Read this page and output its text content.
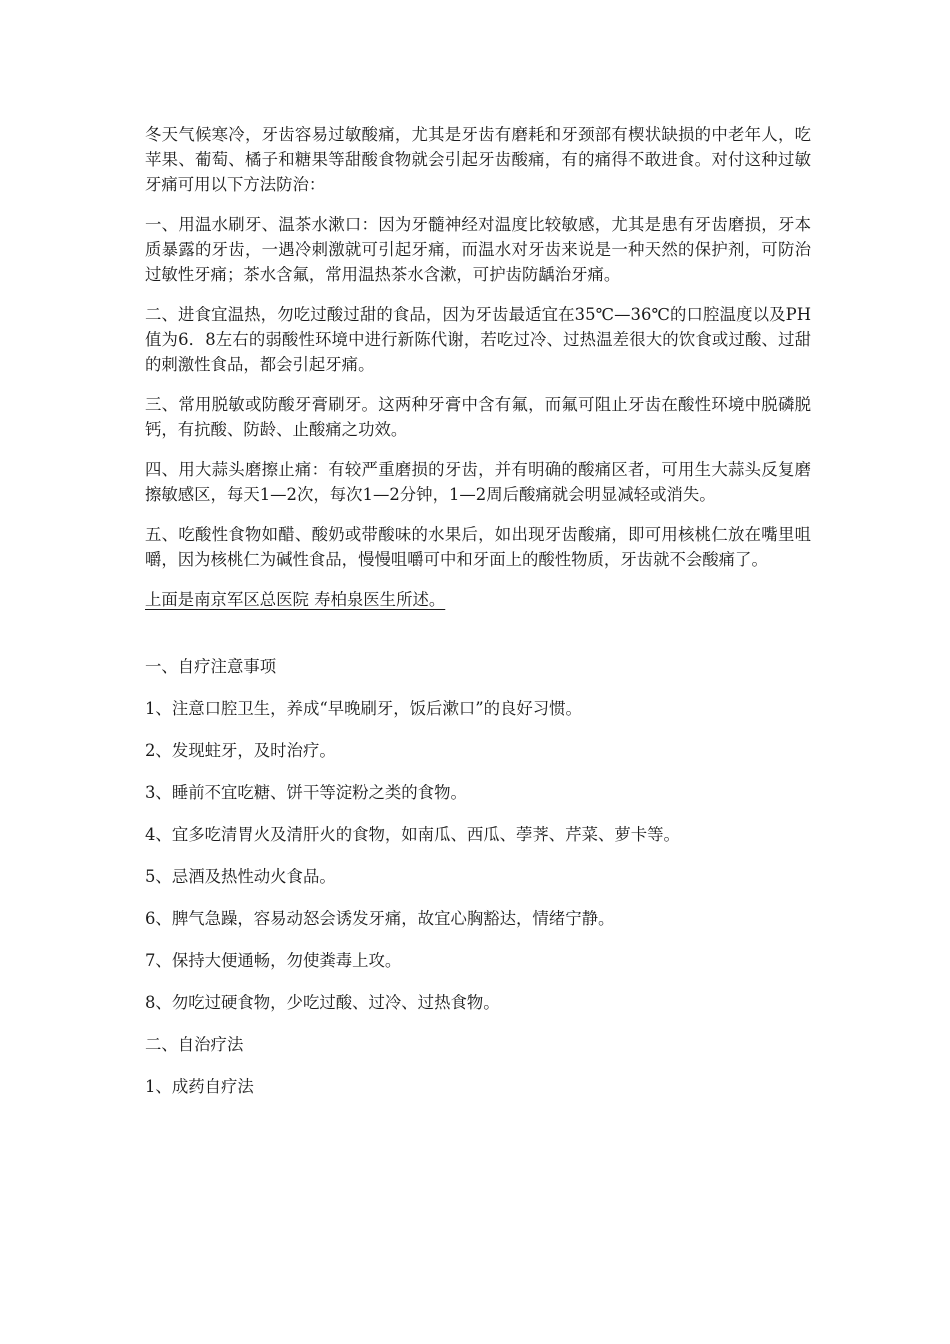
冬天气候寒冷，牙齿容易过敏酸痛，尤其是牙齿有磨耗和牙颈部有楔状缺损的中老年人，吃苹果、葡萄、橘子和糖果等甜酸食物就会引起牙齿酸痛，有的痛得不敢进食。对付这种过敏牙痛可用以下方法防治：

一、用温水刷牙、温茶水漱口：因为牙髓神经对温度比较敏感，尤其是患有牙齿磨损，牙本质暴露的牙齿，一遇冷刺激就可引起牙痛，而温水对牙齿来说是一种天然的保护剂，可防治过敏性牙痛；茶水含氟，常用温热茶水含漱，可护齿防龋治牙痛。

二、进食宜温热，勿吃过酸过甜的食品，因为牙齿最适宜在35℃—36℃的口腔温度以及PH值为6．8左右的弱酸性环境中进行新陈代谢，若吃过冷、过热温差很大的饮食或过酸、过甜的刺激性食品，都会引起牙痛。

三、常用脱敏或防酸牙膏刷牙。这两种牙膏中含有氟，而氟可阻止牙齿在酸性环境中脱磷脱钙，有抗酸、防龄、止酸痛之功效。

四、用大蒜头磨擦止痛：有较严重磨损的牙齿，并有明确的酸痛区者，可用生大蒜头反复磨擦敏感区，每天1—2次，每次1—2分钟，1—2周后酸痛就会明显减轻或消失。

五、吃酸性食物如醋、酸奶或带酸味的水果后，如出现牙齿酸痛，即可用核桃仁放在嘴里咀嚼，因为核桃仁为碱性食品，慢慢咀嚼可中和牙面上的酸性物质，牙齿就不会酸痛了。

上面是南京军区总医院 寿柏泉医生所述。

一、自疗注意事项

1、注意口腔卫生，养成“早晚刷牙，饭后漱口”的良好习惯。

2、发现蛀牙，及时治疗。

3、睡前不宜吃糖、饼干等淀粉之类的食物。

4、宜多吃清胃火及清肝火的食物，如南瓜、西瓜、荸荠、芹菜、萝卡等。

5、忌酒及热性动火食品。

6、脾气急躁，容易动怒会诱发牙痛，故宜心胸豁达，情绪宁静。

7、保持大便通畅，勿使粪毒上攻。

8、勿吃过硬食物，少吃过酸、过冷、过热食物。

二、自治疗法

1、成药自疗法
